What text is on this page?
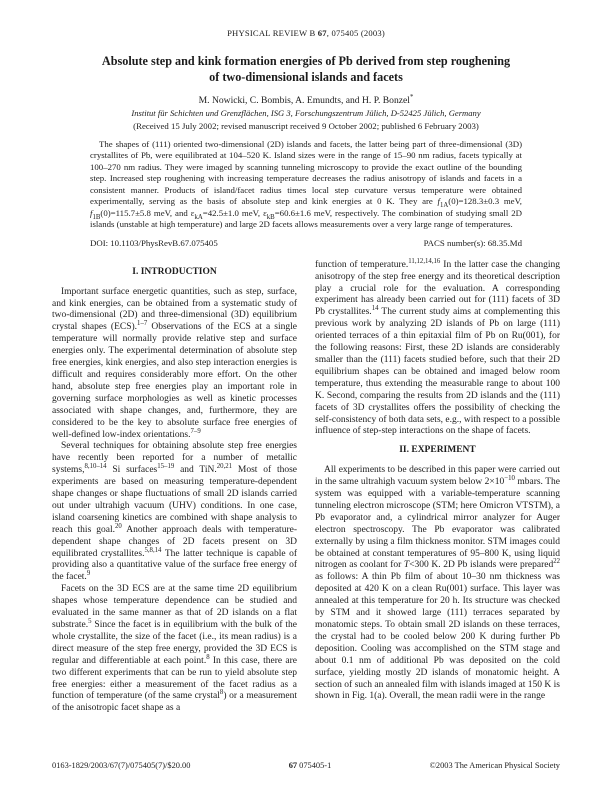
PHYSICAL REVIEW B 67, 075405 (2003)
Absolute step and kink formation energies of Pb derived from step roughening
of two-dimensional islands and facets
M. Nowicki, C. Bombis, A. Emundts, and H. P. Bonzel*
Institut für Schichten und Grenzflächen, ISG 3, Forschungszentrum Jülich, D-52425 Jülich, Germany
(Received 15 July 2002; revised manuscript received 9 October 2002; published 6 February 2003)
The shapes of (111) oriented two-dimensional (2D) islands and facets, the latter being part of three-dimensional (3D) crystallites of Pb, were equilibrated at 104–520 K. Island sizes were in the range of 15–90 nm radius, facets typically at 100–270 nm radius. They were imaged by scanning tunneling microscopy to provide the exact outline of the bounding step. Increased step roughening with increasing temperature decreases the radius anisotropy of islands and facets in a consistent manner. Products of island/facet radius times local step curvature versus temperature were obtained experimentally, serving as the basis of absolute step and kink energies at 0 K. They are $f_{1A}(0)=128.3\pm 0.3$ meV, $f_{1B}(0)=115.7\pm 5.8$ meV, and $\varepsilon_{kA}=42.5\pm 1.0$ meV, $\varepsilon_{kB}=60.6\pm 1.6$ meV, respectively. The combination of studying small 2D islands (unstable at high temperature) and large 2D facets allows measurements over a very large range of temperatures.
DOI: 10.1103/PhysRevB.67.075405	PACS number(s): 68.35.Md
I. INTRODUCTION

Important surface energetic quantities, such as step, surface, and kink energies, can be obtained from a systematic study of two-dimensional (2D) and three-dimensional (3D) equilibrium crystal shapes (ECS).$^{1-7}$ Observations of the ECS at a single temperature will normally provide relative step and surface energies only. The experimental determination of absolute step free energies, kink energies, and also step interaction energies is difficult and requires considerably more effort. On the other hand, absolute step free energies play an important role in governing surface morphologies as well as kinetic processes associated with shape changes, and, furthermore, they are considered to be the key to absolute surface free energies of well-defined low-index orientations.$^{7-9}$

Several techniques for obtaining absolute step free energies have recently been reported for a number of metallic systems,$^{8,10-14}$ Si surfaces$^{15-19}$ and TiN.$^{20,21}$ Most of those experiments are based on measuring temperature-dependent shape changes or shape fluctuations of small 2D islands carried out under ultrahigh vacuum (UHV) conditions. In one case, island coarsening kinetics are combined with shape analysis to reach this goal.$^{20}$ Another approach deals with temperature-dependent shape changes of 2D facets present on 3D equilibrated crystallites.$^{5,8,14}$ The latter technique is capable of providing also a quantitative value of the surface free energy of the facet.$^9$

Facets on the 3D ECS are at the same time 2D equilibrium shapes whose temperature dependence can be studied and evaluated in the same manner as that of 2D islands on a flat substrate.$^5$ Since the facet is in equilibrium with the bulk of the whole crystallite, the size of the facet (i.e., its mean radius) is a direct measure of the step free energy, provided the 3D ECS is regular and differentiable at each point.$^8$ In this case, there are two different experiments that can be run to yield absolute step free energies: either a measurement of the facet radius as a function of temperature (of the same crystal$^8$) or a measurement of the anisotropic facet shape as a

function of temperature.$^{11,12,14,16}$ In the latter case the changing anisotropy of the step free energy and its theoretical description play a crucial role for the evaluation. A corresponding experiment has already been carried out for (111) facets of 3D Pb crystallites.$^{14}$ The current study aims at complementing this previous work by analyzing 2D islands of Pb on large (111) oriented terraces of a thin epitaxial film of Pb on Ru(001), for the following reasons: First, these 2D islands are considerably smaller than the (111) facets studied before, such that their 2D equilibrium shapes can be obtained and imaged below room temperature, thus extending the measurable range to about 100 K. Second, comparing the results from 2D islands and the (111) facets of 3D crystallites offers the possibility of checking the self-consistency of both data sets, e.g., with respect to a possible influence of step-step interactions on the shape of facets.

II. EXPERIMENT

All experiments to be described in this paper were carried out in the same ultrahigh vacuum system below $2\times 10^{-10}$ mbars. The system was equipped with a variable-temperature scanning tunneling electron microscope (STM; here Omicron VTSTM), a Pb evaporator and, a cylindrical mirror analyzer for Auger electron spectroscopy. The Pb evaporator was calibrated externally by using a film thickness monitor. STM images could be obtained at constant temperatures of 95–800 K, using liquid nitrogen as coolant for T<300 K. 2D Pb islands were prepared$^{22}$ as follows: A thin Pb film of about 10–30 nm thickness was deposited at 420 K on a clean Ru(001) surface. This layer was annealed at this temperature for 20 h. Its structure was checked by STM and it showed large (111) terraces separated by monatomic steps. To obtain small 2D islands on these terraces, the crystal had to be cooled below 200 K during further Pb deposition. Cooling was accomplished on the STM stage and about 0.1 nm of additional Pb was deposited on the cold surface, yielding mostly 2D islands of monatomic height. A section of such an annealed film with islands imaged at 150 K is shown in Fig. 1(a). Overall, the mean radii were in the range

0163-1829/2003/67(7)/075405(7)/$20.00	67 075405-1	©2003 The American Physical Society
